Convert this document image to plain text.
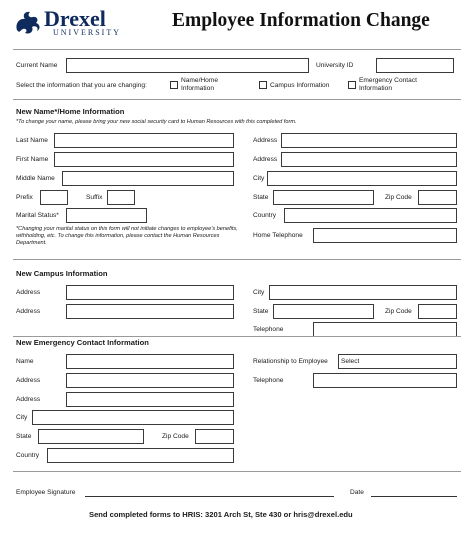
Drexel
UNIVERSITY
Employee Information Change
Current Name	University ID
Select the information that you are changing:
Name/Home Information	Campus Information
Emergency Contact Information
New Name*/Home Information
*To change your name, please bring your new social security card to Human Resources with this completed form.
Last Name
First Name
Middle Name
Prefix	Suffix
Marital Status*
*Changing your marital status on this form will not initiate changes to employee's benefits, withholding, etc. To change this information, please contact the Human Resources Department.
Address
Address
City
State	Zip Code
Country
Home Telephone
New Campus Information
Address
Address
City
State	Zip Code
Telephone
New Emergency Contact Information
Name
Address
Address
City
State	Zip Code
Country
Relationship to Employee Select
Telephone
Employee Signature	Date
Send completed forms to HRIS: 3201 Arch St, Ste 430 or hris@drexel.edu
